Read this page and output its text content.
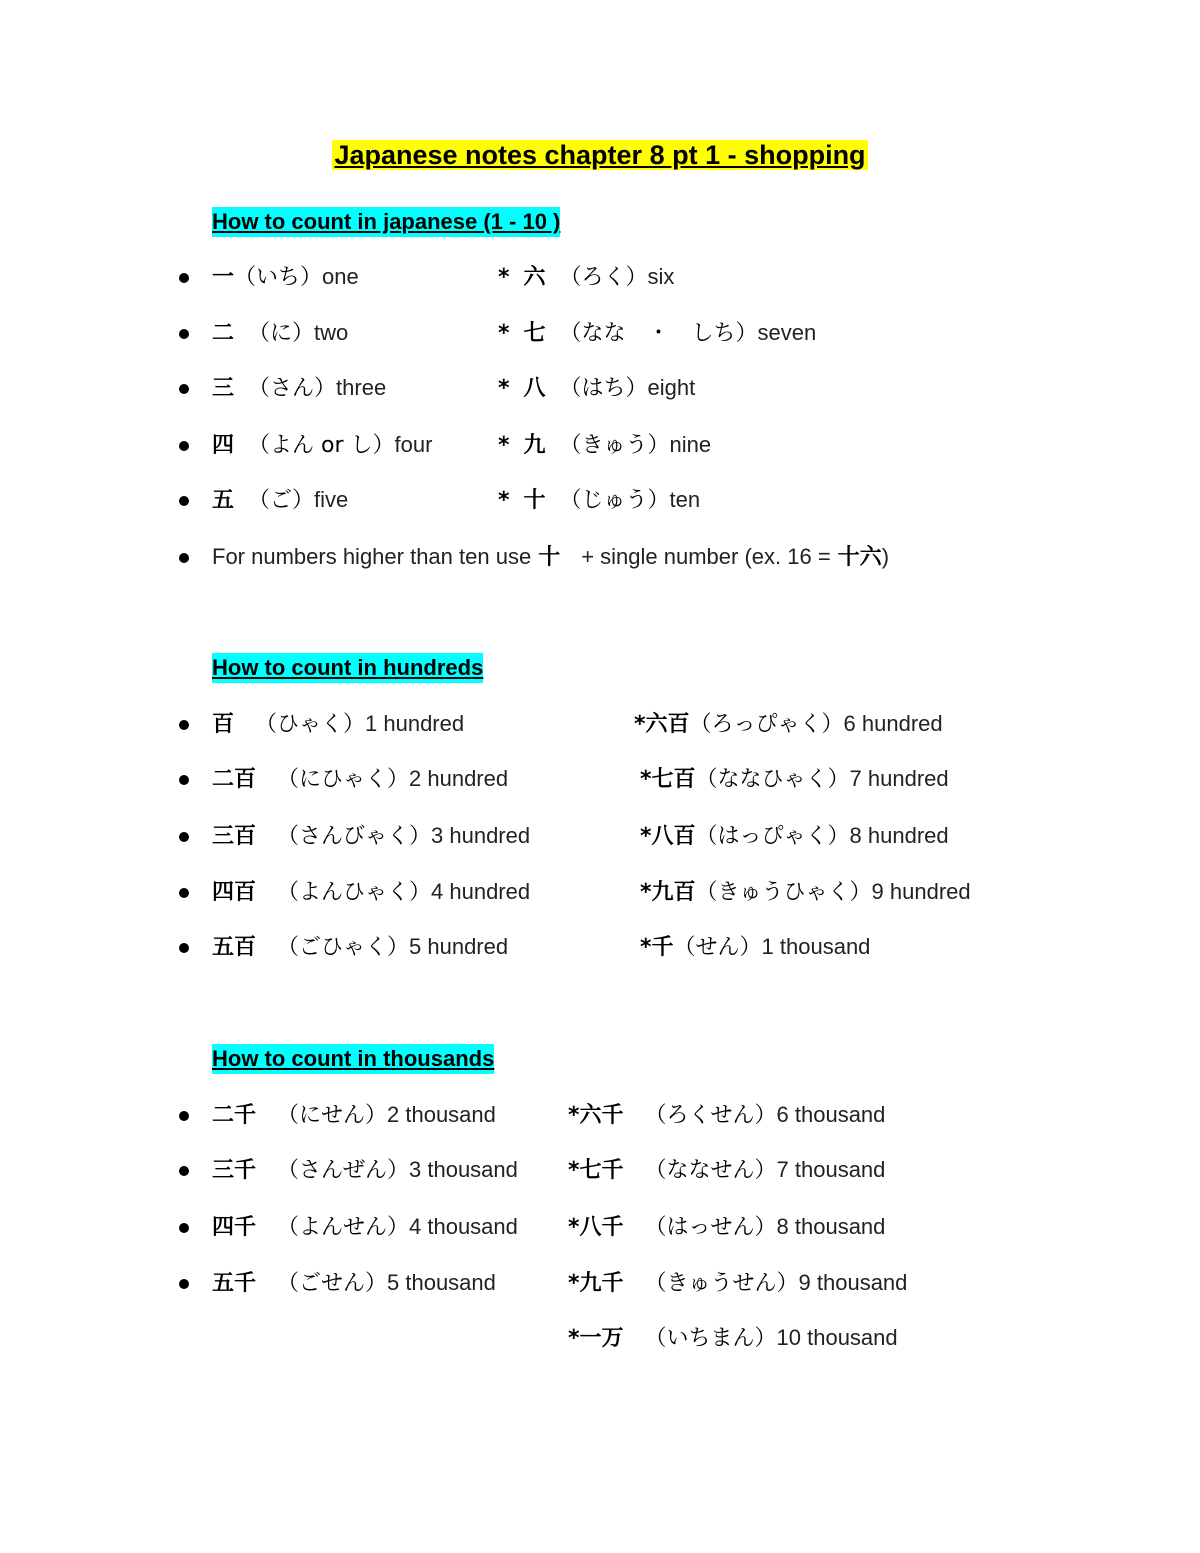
Japanese notes chapter 8 pt 1 - shopping
How to count in japanese (1 - 10 )
一（いち）one
二 （に）two
三 （さん）three
四 （よん or し）four
五 （ご）five
* 六 （ろく）six
* 七 （なな　・　しち）seven
* 八 （はち）eight
* 九 （きゅう）nine
* 十 （じゅう）ten
For numbers higher than ten use 十 + single number (ex. 16 = 十六)
How to count in hundreds
百 （ひゃく）1 hundred
二百 （にひゃく）2 hundred
三百 （さんびゃく）3 hundred
四百 （よんひゃく）4 hundred
五百 （ごひゃく）5 hundred
*六百（ろっぴゃく）6 hundred
*七百（ななひゃく）7 hundred
*八百（はっぴゃく）8 hundred
*九百（きゅうひゃく）9 hundred
*千（せん）1 thousand
How to count in thousands
二千 （にせん）2 thousand
三千 （さんぜん）3 thousand
四千 （よんせん）4 thousand
五千 （ごせん）5 thousand
*六千 （ろくせん）6 thousand
*七千 （ななせん）7 thousand
*八千 （はっせん）8 thousand
*九千 （きゅうせん）9 thousand
*一万 （いちまん）10 thousand
